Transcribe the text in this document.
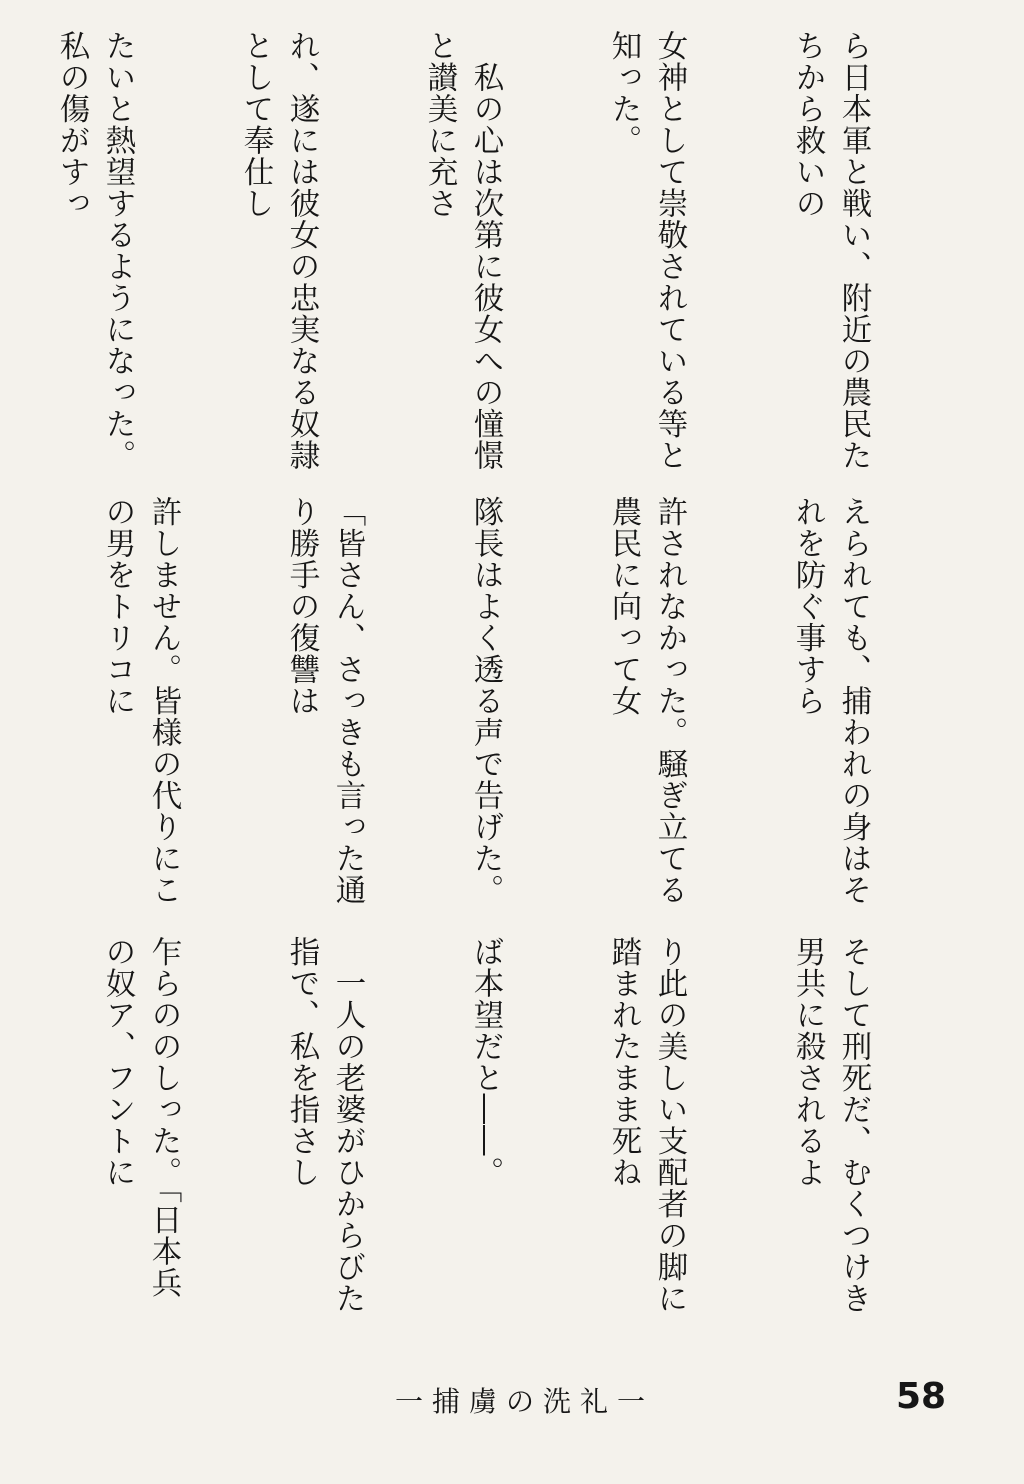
ら日本軍と戦い、附近の農民たちから救いの

女神として崇敬されている等と知った。

　私の心は次第に彼女への憧憬と讃美に充さ

れ、遂には彼女の忠実なる奴隷として奉仕し

たいと熱望するようになった。私の傷がすっ

えられても、捕われの身はそれを防ぐ事すら

許されなかった。騒ぎ立てる農民に向って女

隊長はよく透る声で告げた。

「皆さん、さっきも言った通り勝手の復讐は

許しません。皆様の代りにこの男をトリコに

そして刑死だ、むくつけき男共に殺されるよ

り此の美しい支配者の脚に踏まれたまま死ね

ば本望だと――。

　一人の老婆がひからびた指で、私を指さし

乍らののしった。「日本兵の奴ア、フントに

一捕虜の洗礼一	58
